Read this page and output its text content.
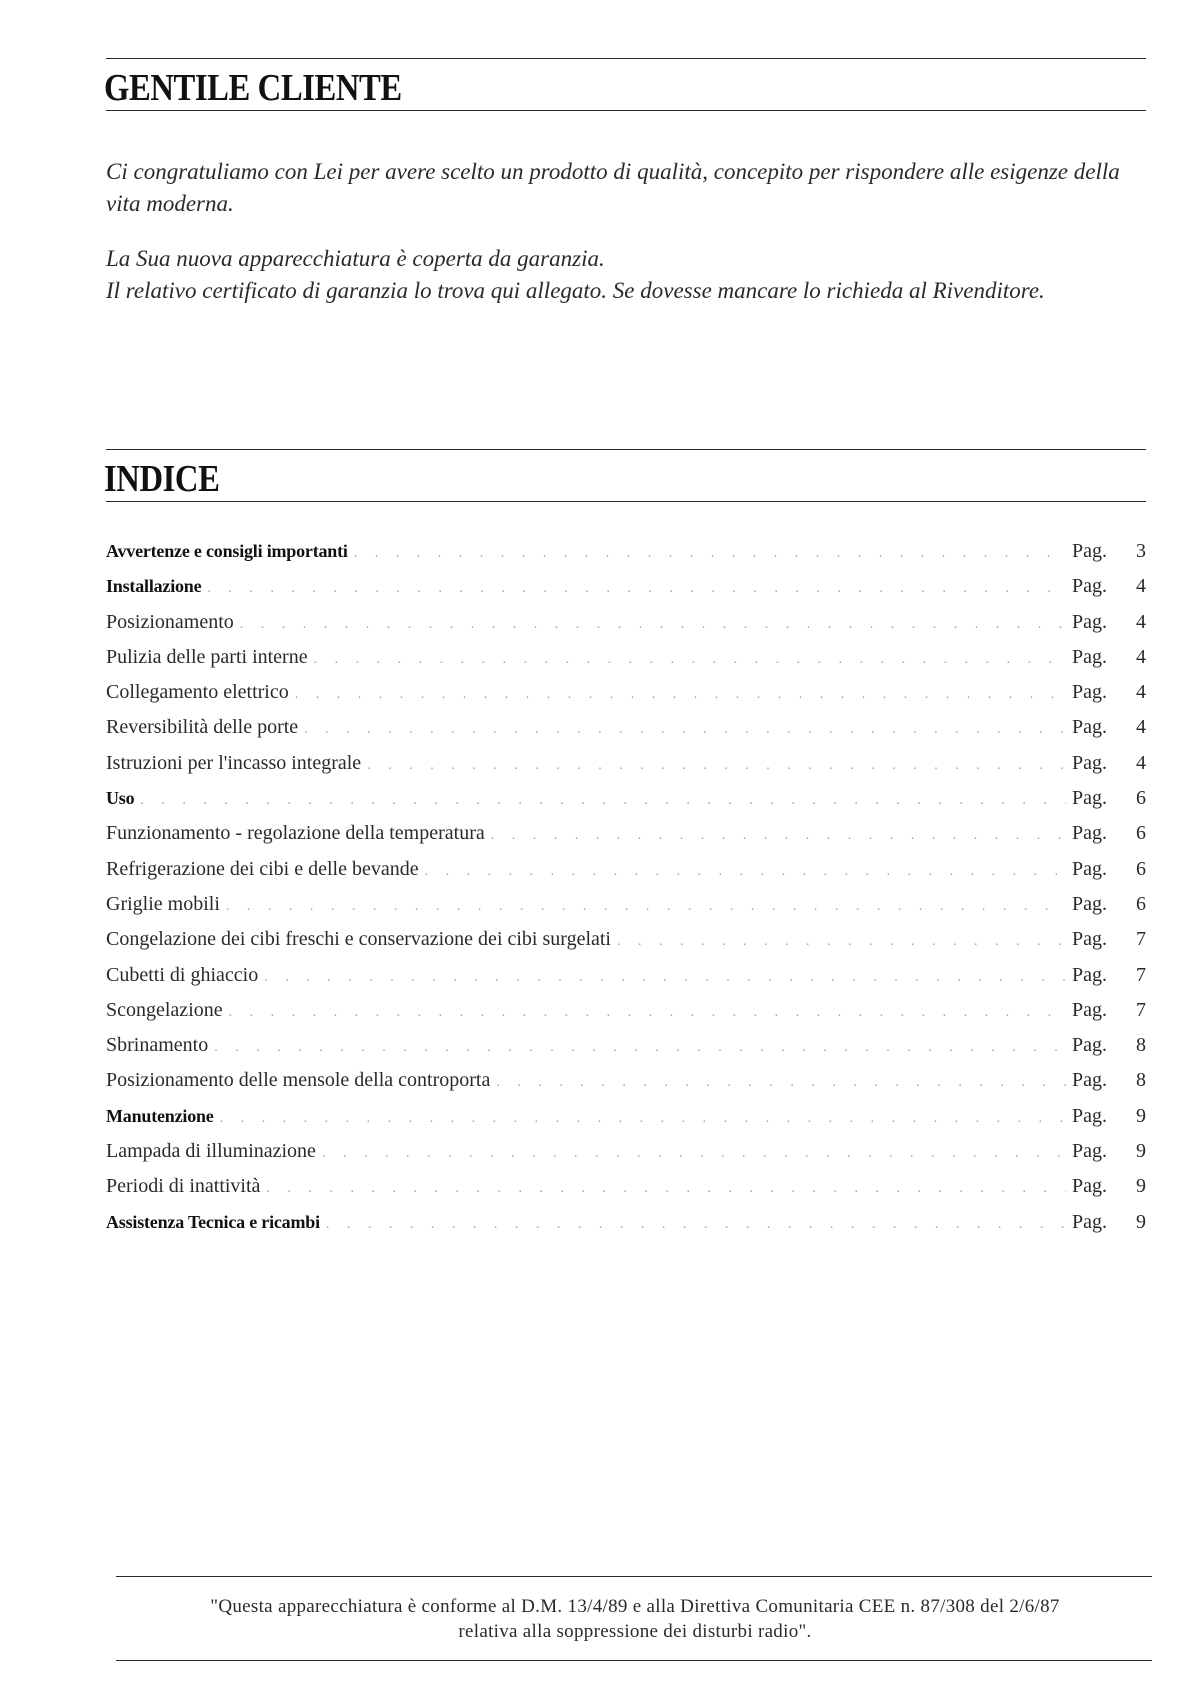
GENTILE CLIENTE

Ci congratuliamo con Lei per avere scelto un prodotto di qualità, concepito per rispondere alle esigenze della vita moderna.

La Sua nuova apparecchiatura è coperta da garanzia.

Il relativo certificato di garanzia lo trova qui allegato. Se dovesse mancare lo richieda al Rivenditore.

INDICE
Avvertenze e consigli importanti . . .	Pag.	3
Installazione . . .	Pag.	4
Posizionamento . . .	Pag.	4
Pulizia delle parti interne . . .	Pag.	4
Collegamento elettrico . . .	Pag.	4
Reversibilità delle porte . . .	Pag.	4
Istruzioni per l'incasso integrale . . .	Pag.	4
Uso . . .	Pag.	6
Funzionamento - regolazione della temperatura . . .	Pag.	6
Refrigerazione dei cibi e delle bevande . . .	Pag.	6
Griglie mobili . . .	Pag.	6
Congelazione dei cibi freschi e conservazione dei cibi surgelati . . .	Pag.	7
Cubetti di ghiaccio . . .	Pag.	7
Scongelazione . . .	Pag.	7
Sbrinamento . . .	Pag.	8
Posizionamento delle mensole della controporta . . .	Pag.	8
Manutenzione . . .	Pag.	9
Lampada di illuminazione . . .	Pag.	9
Periodi di inattività . . .	Pag.	9
Assistenza Tecnica e ricambi . . .	Pag.	9

"Questa apparecchiatura è conforme al D.M. 13/4/89 e alla Direttiva Comunitaria CEE n. 87/308 del 2/6/87

relativa alla soppressione dei disturbi radio".
